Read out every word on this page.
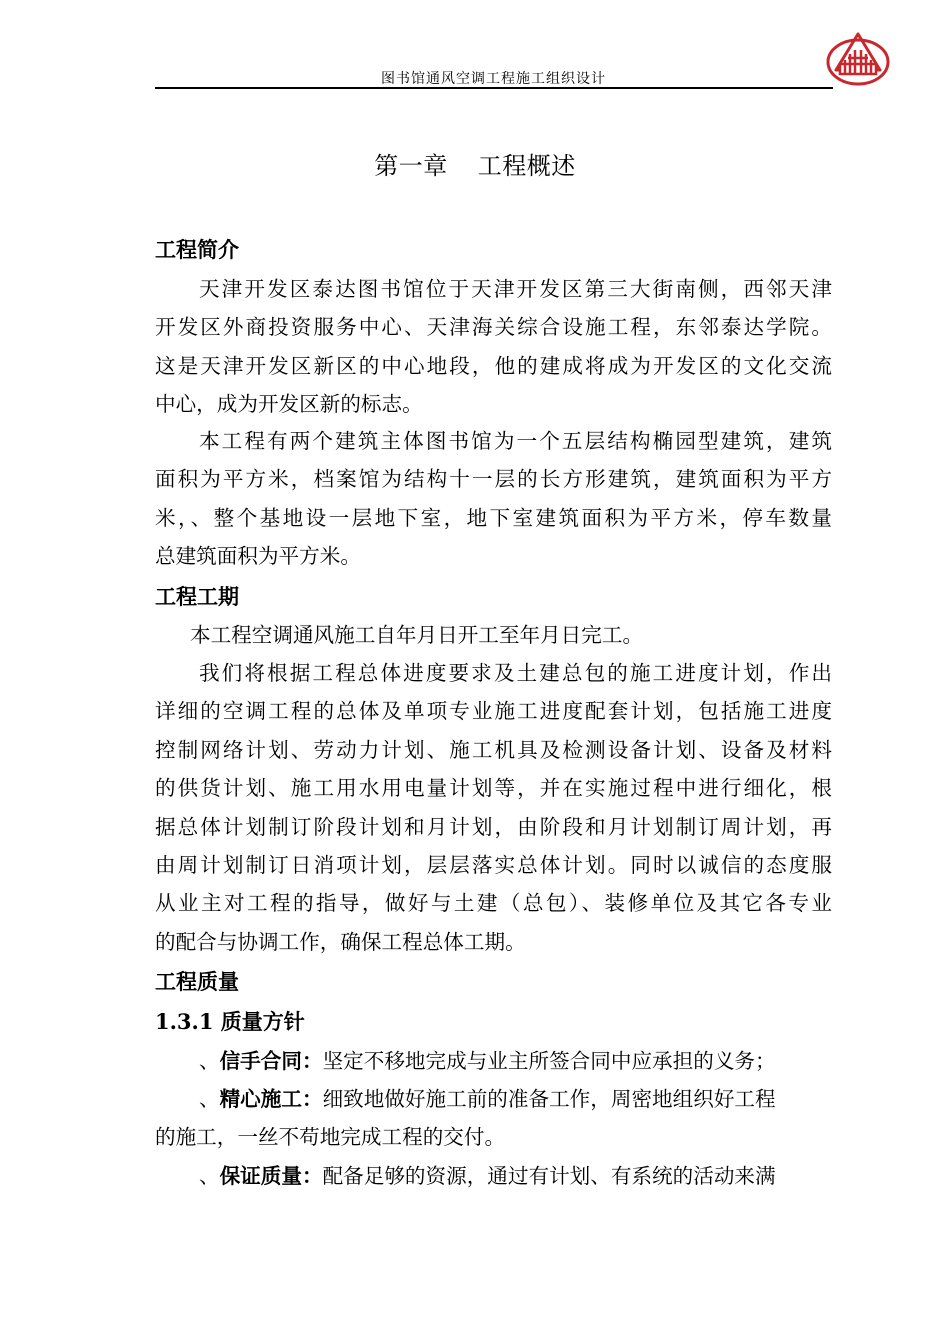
图书馆通风空调工程施工组织设计
第一章 工程概述
工程简介
天津开发区泰达图书馆位于天津开发区第三大街南侧，西邻天津
开发区外商投资服务中心、天津海关综合设施工程，东邻泰达学院。
这是天津开发区新区的中心地段，他的建成将成为开发区的文化交流
中心，成为开发区新的标志。
本工程有两个建筑主体图书馆为一个五层结构椭园型建筑，建筑
面积为平方米，档案馆为结构十一层的长方形建筑，建筑面积为平方
米，、整个基地设一层地下室，地下室建筑面积为平方米，停车数量
总建筑面积为平方米。
工程工期
本工程空调通风施工自年月日开工至年月日完工。
我们将根据工程总体进度要求及土建总包的施工进度计划，作出
详细的空调工程的总体及单项专业施工进度配套计划，包括施工进度
控制网络计划、劳动力计划、施工机具及检测设备计划、设备及材料
的供货计划、施工用水用电量计划等，并在实施过程中进行细化，根
据总体计划制订阶段计划和月计划，由阶段和月计划制订周计划，再
由周计划制订日消项计划，层层落实总体计划。同时以诚信的态度服
从业主对工程的指导，做好与土建（总包）、装修单位及其它各专业
的配合与协调工作，确保工程总体工期。
工程质量
1.3.1 质量方针
、信手合同：坚定不移地完成与业主所签合同中应承担的义务；
、精心施工：细致地做好施工前的准备工作，周密地组织好工程
的施工，一丝不苟地完成工程的交付。
、保证质量：配备足够的资源，通过有计划、有系统的活动来满
